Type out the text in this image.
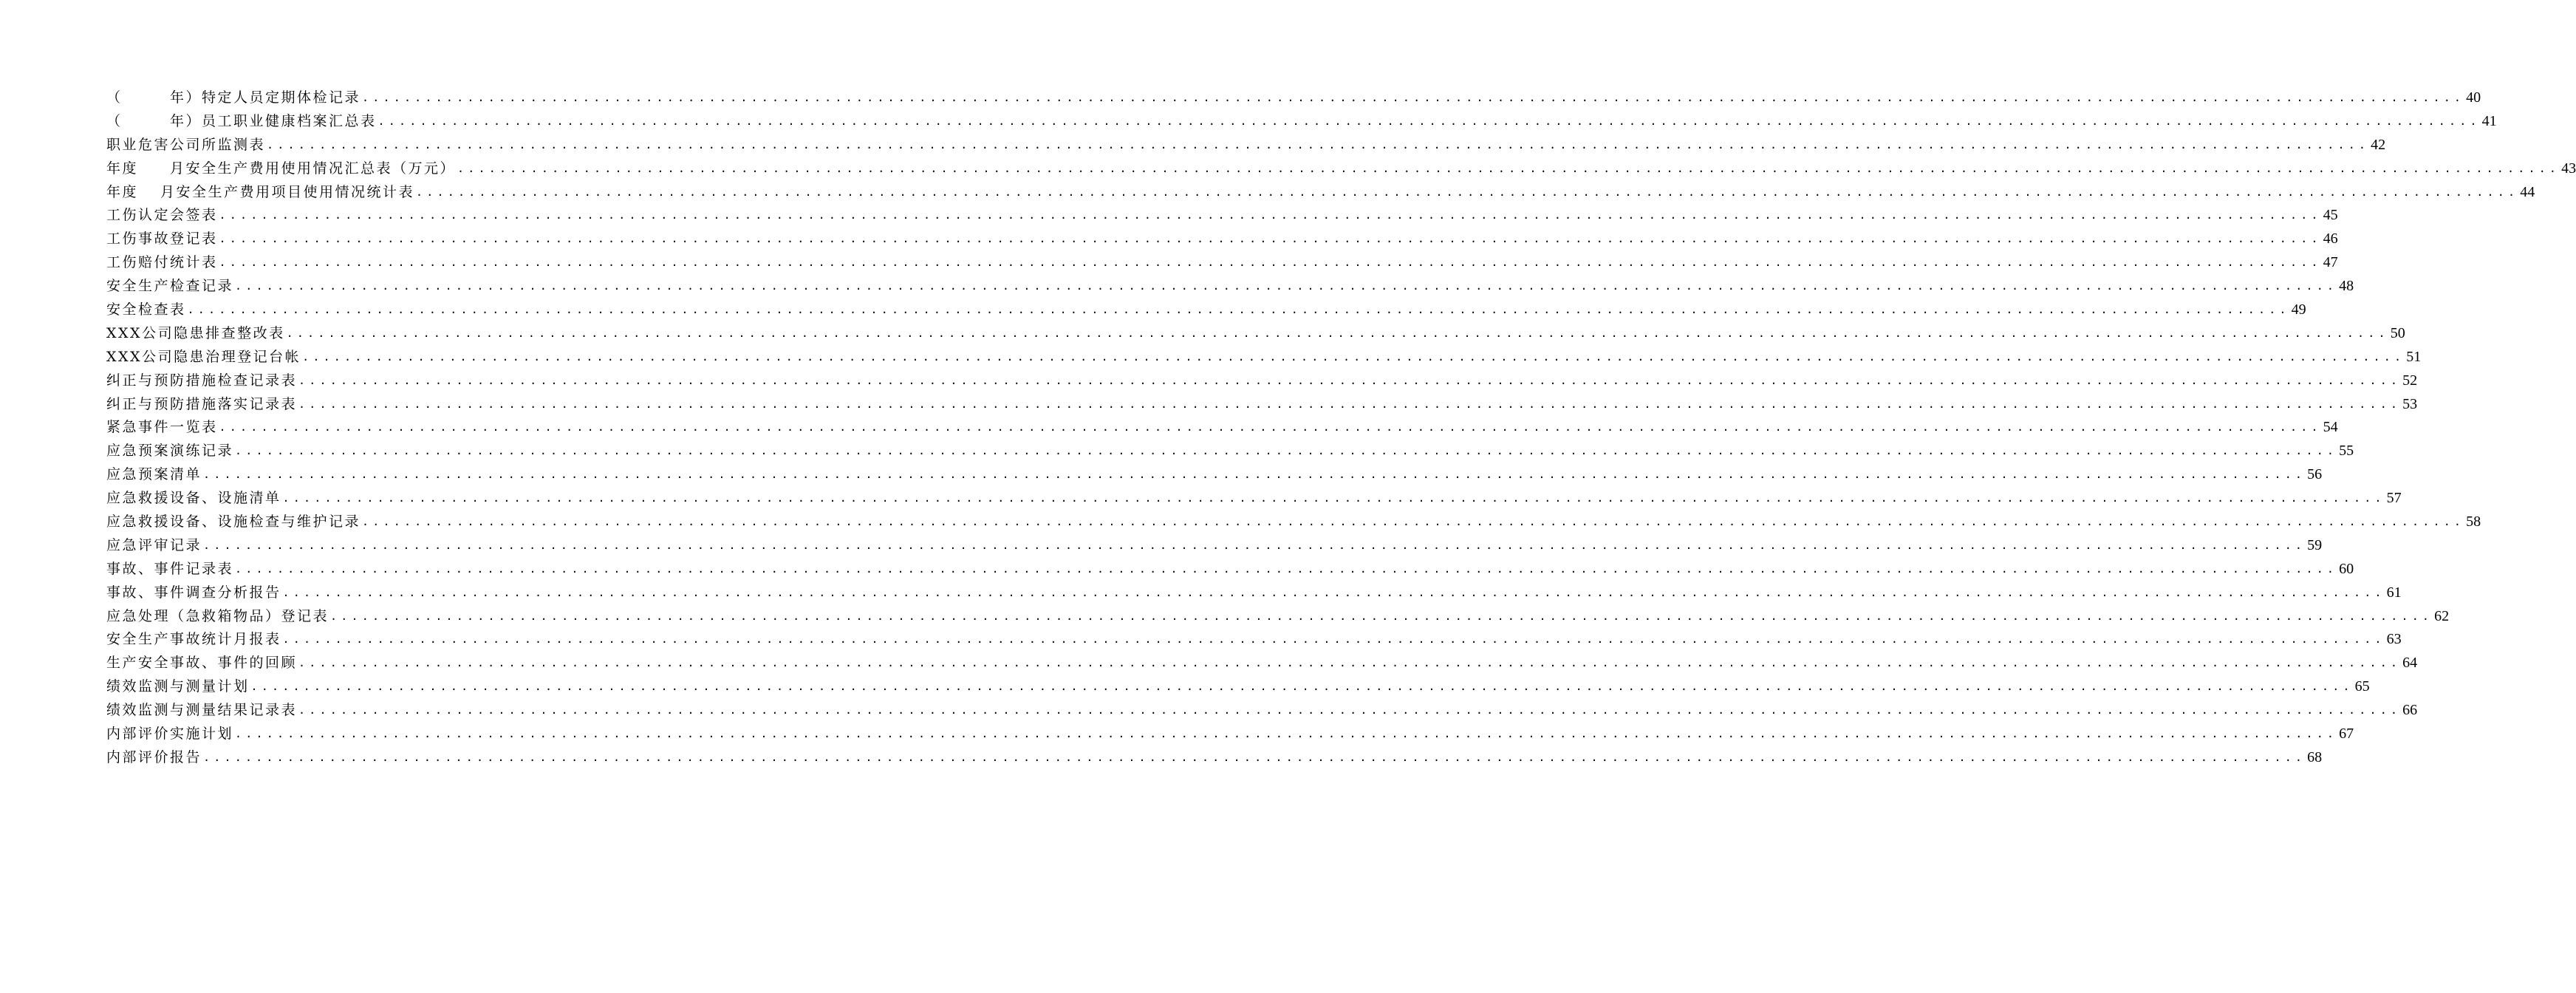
（　　　年）特定人员定期体检记录 ........................................................................................................................................................................................................ 40
（　　　年）员工职业健康档案汇总表 ........................................................................................................................................................................................................ 41
职业危害公司所监测表 ........................................................................................................................................................................................................ 42
年度　　月安全生产费用使用情况汇总表（万元） ........................................................................................................................................................................................................ 43
年度　 月安全生产费用项目使用情况统计表 ........................................................................................................................................................................................................ 44
工伤认定会签表 ........................................................................................................................................................................................................ 45
工伤事故登记表 ........................................................................................................................................................................................................ 46
工伤赔付统计表 ........................................................................................................................................................................................................ 47
安全生产检查记录 ........................................................................................................................................................................................................ 48
安全检查表 ........................................................................................................................................................................................................ 49
XXX公司隐患排查整改表 ........................................................................................................................................................................................................ 50
XXX公司隐患治理登记台帐 ........................................................................................................................................................................................................ 51
纠正与预防措施检查记录表 ........................................................................................................................................................................................................ 52
纠正与预防措施落实记录表 ........................................................................................................................................................................................................ 53
紧急事件一览表 ........................................................................................................................................................................................................ 54
应急预案演练记录 ........................................................................................................................................................................................................ 55
应急预案清单 ........................................................................................................................................................................................................ 56
应急救援设备、设施清单 ........................................................................................................................................................................................................ 57
应急救援设备、设施检查与维护记录 ........................................................................................................................................................................................................ 58
应急评审记录 ........................................................................................................................................................................................................ 59
事故、事件记录表 ........................................................................................................................................................................................................ 60
事故、事件调查分析报告 ........................................................................................................................................................................................................ 61
应急处理（急救箱物品）登记表 ........................................................................................................................................................................................................ 62
安全生产事故统计月报表 ........................................................................................................................................................................................................ 63
生产安全事故、事件的回顾 ........................................................................................................................................................................................................ 64
绩效监测与测量计划 ........................................................................................................................................................................................................ 65
绩效监测与测量结果记录表 ........................................................................................................................................................................................................ 66
内部评价实施计划 ........................................................................................................................................................................................................ 67
内部评价报告 ........................................................................................................................................................................................................ 68
